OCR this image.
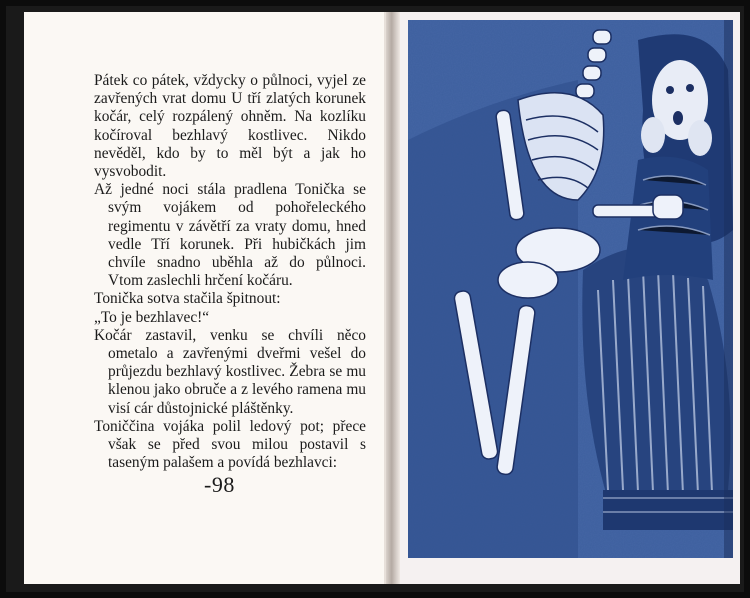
Pátek co pátek, vždycky o půlnoci, vyjel ze zavřených vrat domu U tří zlatých korunek kočár, celý rozpálený ohněm. Na kozlíku kočíroval bezhlavý kostlivec. Nikdo nevěděl, kdo by to měl být a jak ho vysvobodit.

Až jedné noci stála pradlena Tonička se svým vojákem od pohořeleckého regimentu v závětří za vraty domu, hned vedle Tří korunek. Při hubičkách jim chvíle snadno uběhla až do půlnoci. Vtom zaslechli hrčení kočáru.

Tonička sotva stačila špitnout:

„To je bezhlavec!“

Kočár zastavil, venku se chvíli něco ometalo a zavřenými dveřmi vešel do průjezdu bezhlavý kostlivec. Žebra se mu klenou jako obruče a z levého ramena mu visí cár důstojnické pláštěnky.

Toniččina vojáka polil ledový pot; přece však se před svou milou postavil s taseným palašem a povídá bezhlavci:

-98
